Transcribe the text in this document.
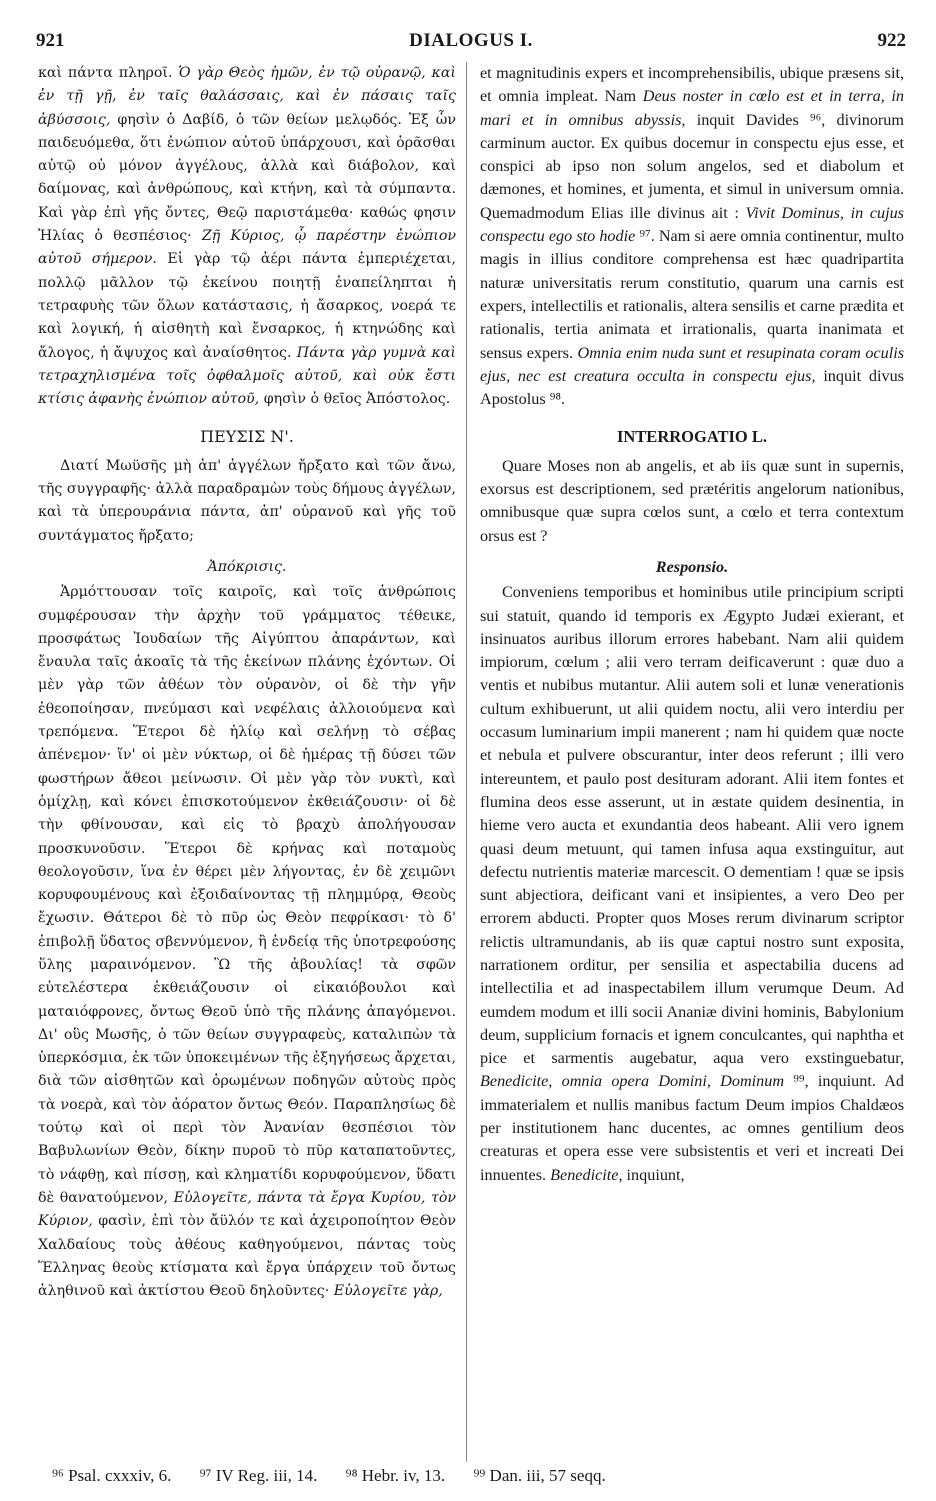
921	DIALOGUS I.	922

καὶ πάντα πληροῖ. Ὁ γὰρ Θεὸς ἡμῶν, ἐν τῷ οὐρανῷ, καὶ ἐν τῇ γῇ, ἐν ταῖς θαλάσσαις, καὶ ἐν πάσαις ταῖς ἀβύσσοις, φησὶν ὁ Δαβίδ, ὁ τῶν θείων μελῳδός. Ἐξ ὧν παιδευόμεθα, ὅτι ἐνώπιον αὐτοῦ ὑπάρχουσι, καὶ ὁρᾶσθαι αὐτῷ οὐ μόνον ἀγγέλους, ἀλλὰ καὶ διάβολον, καὶ δαίμονας, καὶ ἀνθρώπους, καὶ κτήνη, καὶ τὰ σύμπαντα. Καὶ γὰρ ἐπὶ γῆς ὄντες, Θεῷ παριστάμεθα· καθώς φησιν Ἠλίας ὁ θεσπέσιος· Ζῇ Κύριος, ᾧ παρέστην ἐνώπιον αὐτοῦ σήμερον. Εἰ γὰρ τῷ ἀέρι πάντα ἐμπεριέχεται, πολλῷ μᾶλλον τῷ ἐκείνου ποιητῇ ἐναπείληπται ἡ τετραφυὴς τῶν ὅλων κατάστασις, ἡ ἄσαρκος, νοερά τε καὶ λογική, ἡ αἰσθητὴ καὶ ἔνσαρκος, ἡ κτηνώδης καὶ ἄλογος, ἡ ἄψυχος καὶ ἀναίσθητος. Πάντα γὰρ γυμνὰ καὶ τετραχηλισμένα τοῖς ὀφθαλμοῖς αὐτοῦ, καὶ οὐκ ἔστι κτίσις ἀφανὴς ἐνώπιον αὐτοῦ, φησὶν ὁ θεῖος Ἀπόστολος.

ΠΕΥΣΙΣ Ν'.

Διατί Μωϋσῆς μὴ ἀπ' ἀγγέλων ἤρξατο καὶ τῶν ἄνω, τῆς συγγραφῆς· ἀλλὰ παραδραμὼν τοὺς δήμους ἀγγέλων, καὶ τὰ ὑπερουράνια πάντα, ἀπ' οὐρανοῦ καὶ γῆς τοῦ συντάγματος ἤρξατο;

Ἀπόκρισις.

Ἁρμόττουσαν τοῖς καιροῖς, καὶ τοῖς ἀνθρώποις συμφέρουσαν τὴν ἀρχὴν τοῦ γράμματος τέθεικε, προσφάτως Ἰουδαίων τῆς Αἰγύπτου ἀπαράντων, καὶ ἔναυλα ταῖς ἀκοαῖς τὰ τῆς ἐκείνων πλάνης ἐχόντων. Οἱ μὲν γὰρ τῶν ἀθέων τὸν οὐρανὸν, οἱ δὲ τὴν γῆν ἐθεοποίησαν, πνεύμασι καὶ νεφέλαις ἀλλοιούμενα καὶ τρεπόμενα. Ἕτεροι δὲ ἡλίῳ καὶ σελήνῃ τὸ σέβας ἀπένεμον· ἵν' οἱ μὲν νύκτωρ, οἱ δὲ ἡμέρας τῇ δύσει τῶν φωστήρων ἄθεοι μείνωσιν. Οἱ μὲν γὰρ τὸν νυκτὶ, καὶ ὁμίχλῃ, καὶ κόνει ἐπισκοτούμενον ἐκθειάζουσιν· οἱ δὲ τὴν φθίνουσαν, καὶ εἰς τὸ βραχὺ ἀπολήγουσαν προσκυνοῦσιν. Ἕτεροι δὲ κρήνας καὶ ποταμοὺς θεολογοῦσιν, ἵνα ἐν θέρει μὲν λήγοντας, ἐν δὲ χειμῶνι κορυφουμένους καὶ ἐξοιδαίνοντας τῇ πλημμύρᾳ, Θεοὺς ἔχωσιν. Θάτεροι δὲ τὸ πῦρ ὡς Θεὸν πεφρίκασι· τὸ δ' ἐπιβολῇ ὕδατος σβεννύμενον, ἢ ἐνδείᾳ τῆς ὑποτρεφούσης ὕλης μαραινόμενον. Ὢ τῆς ἀβουλίας! τὰ σφῶν εὐτελέστερα ἐκθειάζουσιν οἱ εἰκαιόβουλοι καὶ ματαιόφρονες, ὄντως Θεοῦ ὑπὸ τῆς πλάνης ἀπαγόμενοι. Δι' οὓς Μωσῆς, ὁ τῶν θείων συγγραφεὺς, καταλιπὼν τὰ ὑπερκόσμια, ἐκ τῶν ὑποκειμένων τῆς ἐξηγήσεως ἄρχεται, διὰ τῶν αἰσθητῶν καὶ ὁρωμένων ποδηγῶν αὐτοὺς πρὸς τὰ νοερὰ, καὶ τὸν ἀόρατον ὄντως Θεόν. Παραπλησίως δὲ τούτῳ καὶ οἱ περὶ τὸν Ἀνανίαν θεσπέσιοι τὸν Βαβυλωνίων Θεὸν, δίκην πυροῦ τὸ πῦρ καταπατοῦντες, τὸ νάφθῃ, καὶ πίσσῃ, καὶ κληματίδι κορυφούμενον, ὕδατι δὲ θανατούμενον, Εὐλογεῖτε, πάντα τὰ ἔργα Κυρίου, τὸν Κύριον, φασὶν, ἐπὶ τὸν ἄϋλόν τε καὶ ἀχειροποίητον Θεὸν Χαλδαίους τοὺς ἀθέους καθηγούμενοι, πάντας τοὺς Ἕλληνας θεοὺς κτίσματα καὶ ἔργα ὑπάρχειν τοῦ ὄντως ἀληθινοῦ καὶ ἀκτίστου Θεοῦ δηλοῦντες· Εὐλογεῖτε γὰρ,

et magnitudinis expers et incomprehensibilis, ubique præsens sit, et omnia impleat. Nam Deus noster in cœlo est et in terra, in mari et in omnibus abyssis, inquit Davides ⁹⁶, divinorum carminum auctor. Ex quibus docemur in conspectu ejus esse, et conspici ab ipso non solum angelos, sed et diabolum et dæmones, et homines, et jumenta, et simul in universum omnia. Quemadmodum Elias ille divinus ait : Vivit Dominus, in cujus conspectu ego sto hodie ⁹⁷. Nam si aere omnia continentur, multo magis in illius conditore comprehensa est hæc quadripartita naturæ universitatis rerum constitutio, quarum una carnis est expers, intellectilis et rationalis, altera sensilis et carne prædita et rationalis, tertia animata et irrationalis, quarta inanimata et sensus expers. Omnia enim nuda sunt et resupinata coram oculis ejus, nec est creatura occulta in conspectu ejus, inquit divus Apostolus ⁹⁸.

INTERROGATIO L.

Quare Moses non ab angelis, et ab iis quæ sunt in supernis, exorsus est descriptionem, sed prætéritis angelorum nationibus, omnibusque quæ supra cœlos sunt, a cœlo et terra contextum orsus est ?

Responsio.

Conveniens temporibus et hominibus utile principium scripti sui statuit, quando id temporis ex Ægypto Judæi exierant, et insinuatos auribus illorum errores habebant. Nam alii quidem impiorum, cœlum ; alii vero terram deificaverunt : quæ duo a ventis et nubibus mutantur. Alii autem soli et lunæ venerationis cultum exhibuerunt, ut alii quidem noctu, alii vero interdiu per occasum luminarium impii manerent ; nam hi quidem quæ nocte et nebula et pulvere obscurantur, inter deos referunt ; illi vero intereuntem, et paulo post desituram adorant. Alii item fontes et flumina deos esse asserunt, ut in æstate quidem desinentia, in hieme vero aucta et exundantia deos habeant. Alii vero ignem quasi deum metuunt, qui tamen infusa aqua exstinguitur, aut defectu nutrientis materiæ marcescit. O dementiam ! quæ se ipsis sunt abjectiora, deificant vani et insipientes, a vero Deo per errorem abducti. Propter quos Moses rerum divinarum scriptor relictis ultramundanis, ab iis quæ captui nostro sunt exposita, narrationem orditur, per sensilia et aspectabilia ducens ad intellectilia et ad inaspectabilem illum verumque Deum. Ad eumdem modum et illi socii Ananiæ divini hominis, Babylonium deum, supplicium fornacis et ignem conculcantes, qui naphtha et pice et sarmentis augebatur, aqua vero exstinguebatur, Benedicite, omnia opera Domini, Dominum ⁹⁹, inquiunt. Ad immaterialem et nullis manibus factum Deum impios Chaldæos per institutionem hanc ducentes, ac omnes gentilium deos creaturas et opera esse vere subsistentis et veri et increati Dei innuentes. Benedicite, inquiunt,

⁹⁶ Psal. cxxxiv, 6. ⁹⁷ IV Reg. iii, 14. ⁹⁸ Hebr. iv, 13. ⁹⁹ Dan. iii, 57 seqq.
